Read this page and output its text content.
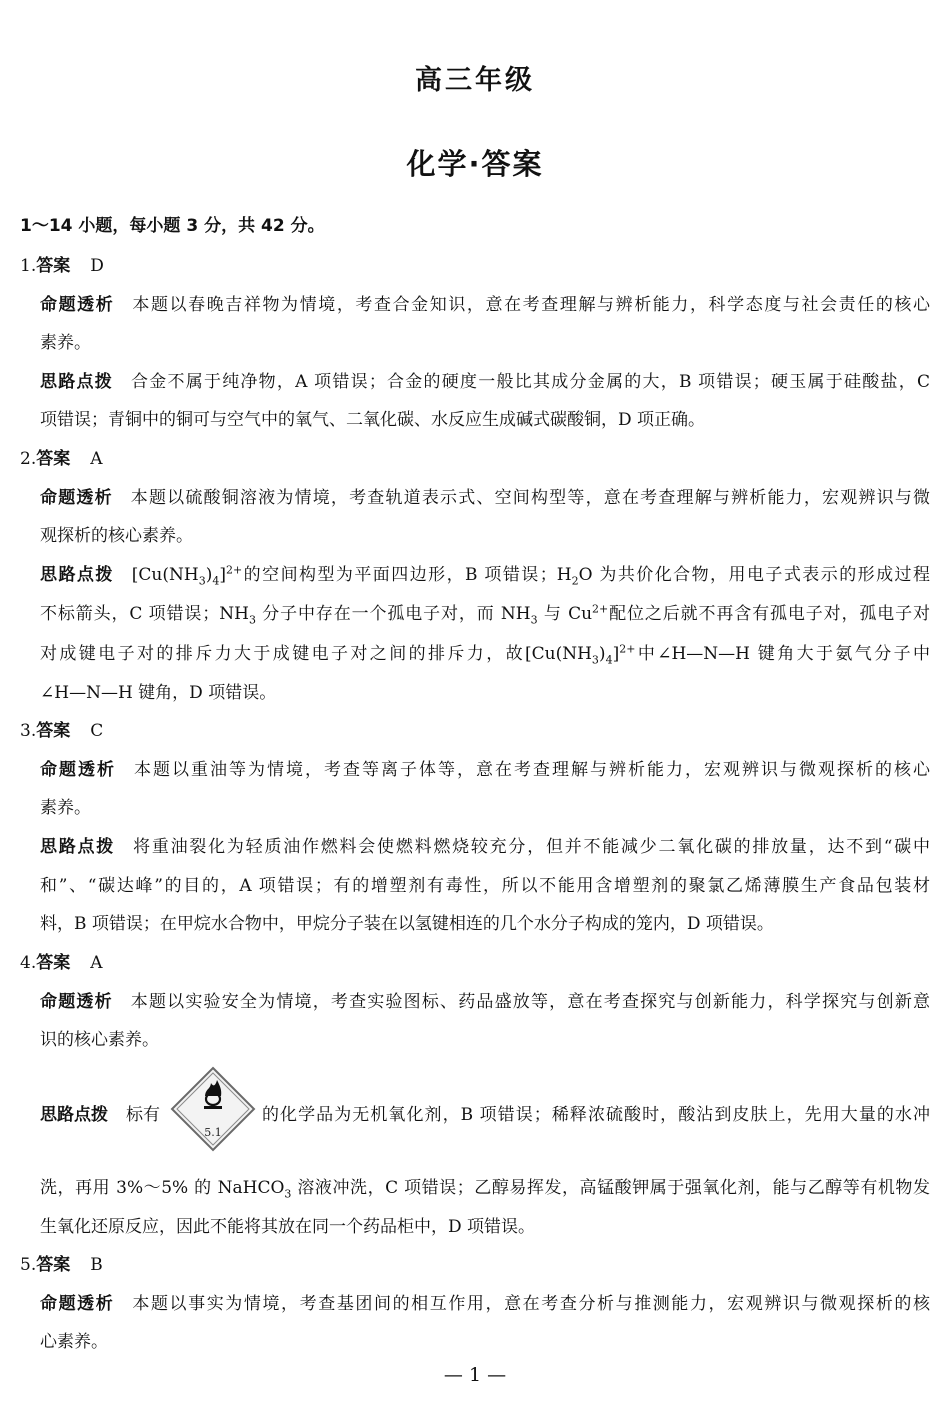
高三年级
化学·答案
1～14 小题，每小题 3 分，共 42 分。
1.答案 D
命题透析 本题以春晚吉祥物为情境，考查合金知识，意在考查理解与辨析能力，科学态度与社会责任的核心
素养。
思路点拨 合金不属于纯净物，A 项错误；合金的硬度一般比其成分金属的大，B 项错误；硬玉属于硅酸盐，C
项错误；青铜中的铜可与空气中的氧气、二氧化碳、水反应生成碱式碳酸铜，D 项正确。
2.答案 A
命题透析 本题以硫酸铜溶液为情境，考查轨道表示式、空间构型等，意在考查理解与辨析能力，宏观辨识与微
观探析的核心素养。
思路点拨 $[Cu(NH_3)_4]^{2+}$的空间构型为平面四边形，B 项错误；$H_2O$ 为共价化合物，用电子式表示的形成过程
不标箭头，C 项错误；$NH_3$ 分子中存在一个孤电子对，而 $NH_3$ 与 $Cu^{2+}$配位之后就不再含有孤电子对，孤电子对
对成键电子对的排斥力大于成键电子对之间的排斥力，故$[Cu(NH_3)_4]^{2+}$中∠H—N—H 键角大于氨气分子中
∠H—N—H 键角，D 项错误。
3.答案 C
命题透析 本题以重油等为情境，考查等离子体等，意在考查理解与辨析能力，宏观辨识与微观探析的核心
素养。
思路点拨 将重油裂化为轻质油作燃料会使燃料燃烧较充分，但并不能减少二氧化碳的排放量，达不到“碳中
和”、“碳达峰”的目的，A 项错误；有的增塑剂有毒性，所以不能用含增塑剂的聚氯乙烯薄膜生产食品包装材
料，B 项错误；在甲烷水合物中，甲烷分子装在以氢键相连的几个水分子构成的笼内，D 项错误。
4.答案 A
命题透析 本题以实验安全为情境，考查实验图标、药品盛放等，意在考查探究与创新能力，科学探究与创新意
识的核心素养。
思路点拨 标有
5.1
的化学品为无机氧化剂，B 项错误；稀释浓硫酸时，酸沾到皮肤上，先用大量的水冲
洗，再用 3%～5% 的 NaHCO$_3$ 溶液冲洗，C 项错误；乙醇易挥发，高锰酸钾属于强氧化剂，能与乙醇等有机物发
生氧化还原反应，因此不能将其放在同一个药品柜中，D 项错误。
5.答案 B
命题透析 本题以事实为情境，考查基团间的相互作用，意在考查分析与推测能力，宏观辨识与微观探析的核
心素养。
— 1 —
